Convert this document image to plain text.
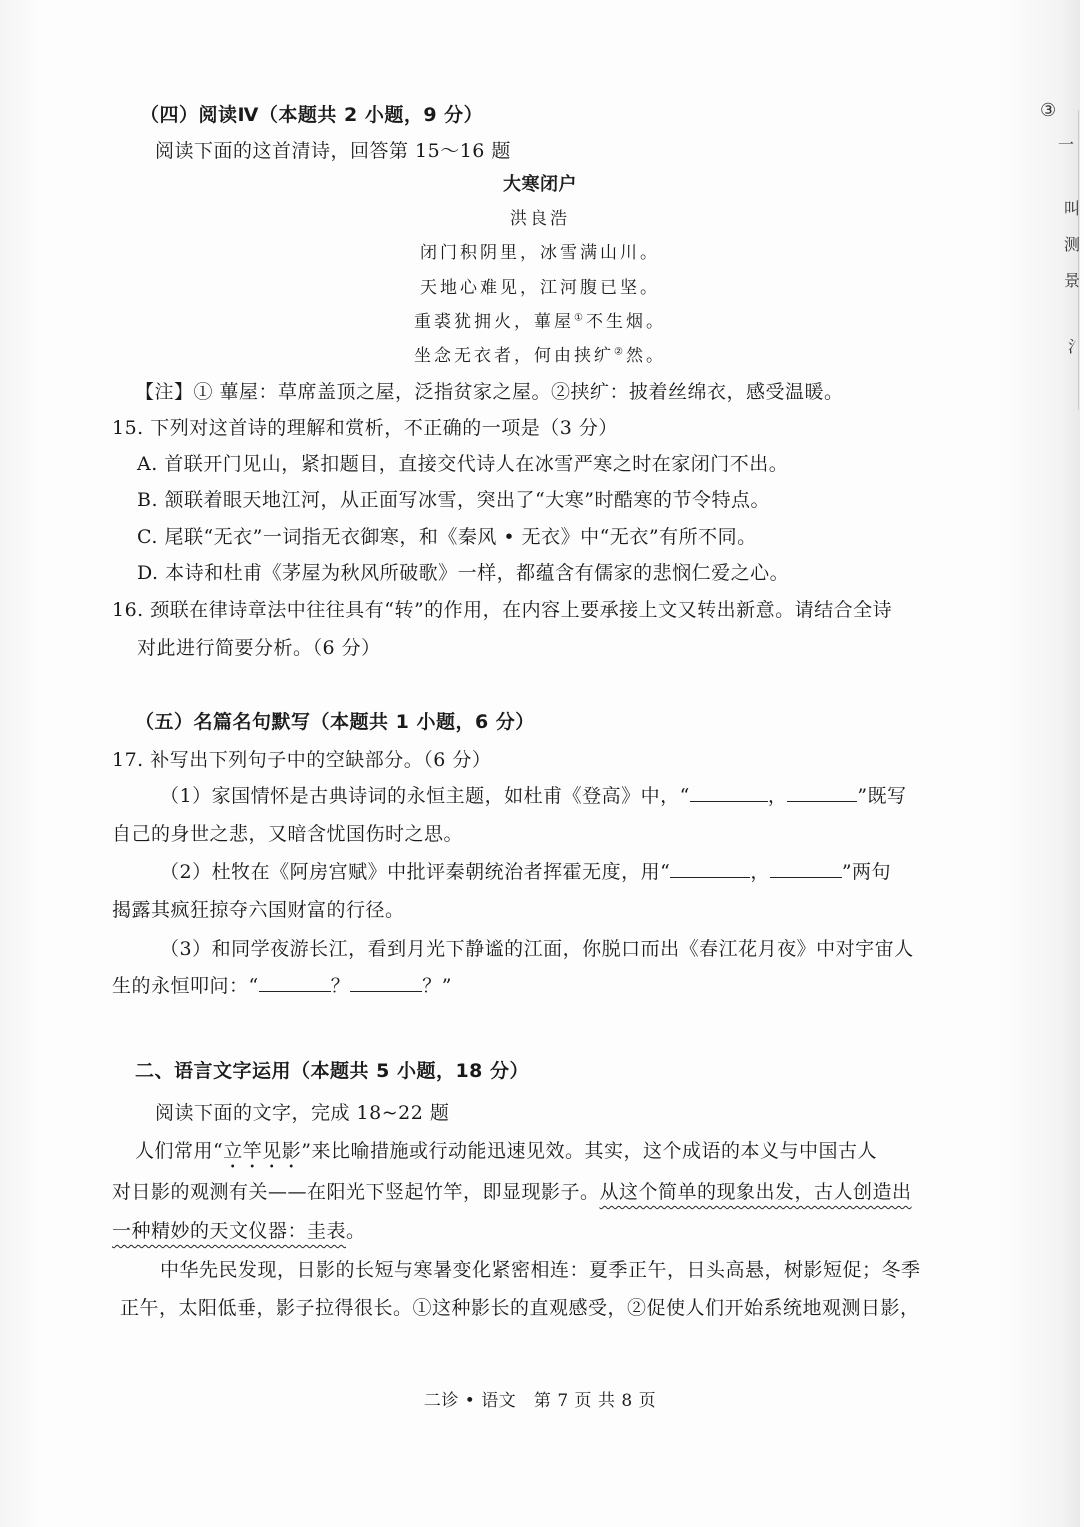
（四）阅读Ⅳ（本题共 2 小题，9 分）
阅读下面的这首清诗，回答第 15～16 题
大寒闭户
洪良浩
闭门积阴里，冰雪满山川。
天地心难见，江河腹已坚。
重裘犹拥火，蓽屋①不生烟。
坐念无衣者，何由挟纩②然。
【注】① 蓽屋：草席盖顶之屋，泛指贫家之屋。②挟纩：披着丝绵衣，感受温暖。
15. 下列对这首诗的理解和赏析，不正确的一项是（3 分）
A. 首联开门见山，紧扣题目，直接交代诗人在冰雪严寒之时在家闭门不出。
B. 颔联着眼天地江河，从正面写冰雪，突出了“大寒”时酷寒的节令特点。
C. 尾联“无衣”一词指无衣御寒，和《秦风 • 无衣》中“无衣”有所不同。
D. 本诗和杜甫《茅屋为秋风所破歌》一样，都蕴含有儒家的悲悯仁爱之心。
16. 颈联在律诗章法中往往具有“转”的作用，在内容上要承接上文又转出新意。请结合全诗
对此进行简要分析。（6 分）
（五）名篇名句默写（本题共 1 小题，6 分）
17. 补写出下列句子中的空缺部分。（6 分）
（1）家国情怀是古典诗词的永恒主题，如杜甫《登高》中，“	，	”既写
自己的身世之悲，又暗含忧国伤时之思。
（2）杜牧在《阿房宫赋》中批评秦朝统治者挥霍无度，用“	，	”两句
揭露其疯狂掠夺六国财富的行径。
（3）和同学夜游长江，看到月光下静谧的江面，你脱口而出《春江花月夜》中对宇宙人
生的永恒叩问：“	？	？”
二、语言文字运用（本题共 5 小题，18 分）
阅读下面的文字，完成 18~22 题
人们常用“立竿见影”来比喻措施或行动能迅速见效。其实，这个成语的本义与中国古人
对日影的观测有关——在阳光下竖起竹竿，即显现影子。从这个简单的现象出发，古人创造出
一种精妙的天文仪器：圭表。
中华先民发现，日影的长短与寒暑变化紧密相连：夏季正午，日头高悬，树影短促；冬季
正午，太阳低垂，影子拉得很长。①这种影长的直观感受，②促使人们开始系统地观测日影，
二诊 • 语文   第 7 页 共 8 页
③
一
叫
测
景
氵
